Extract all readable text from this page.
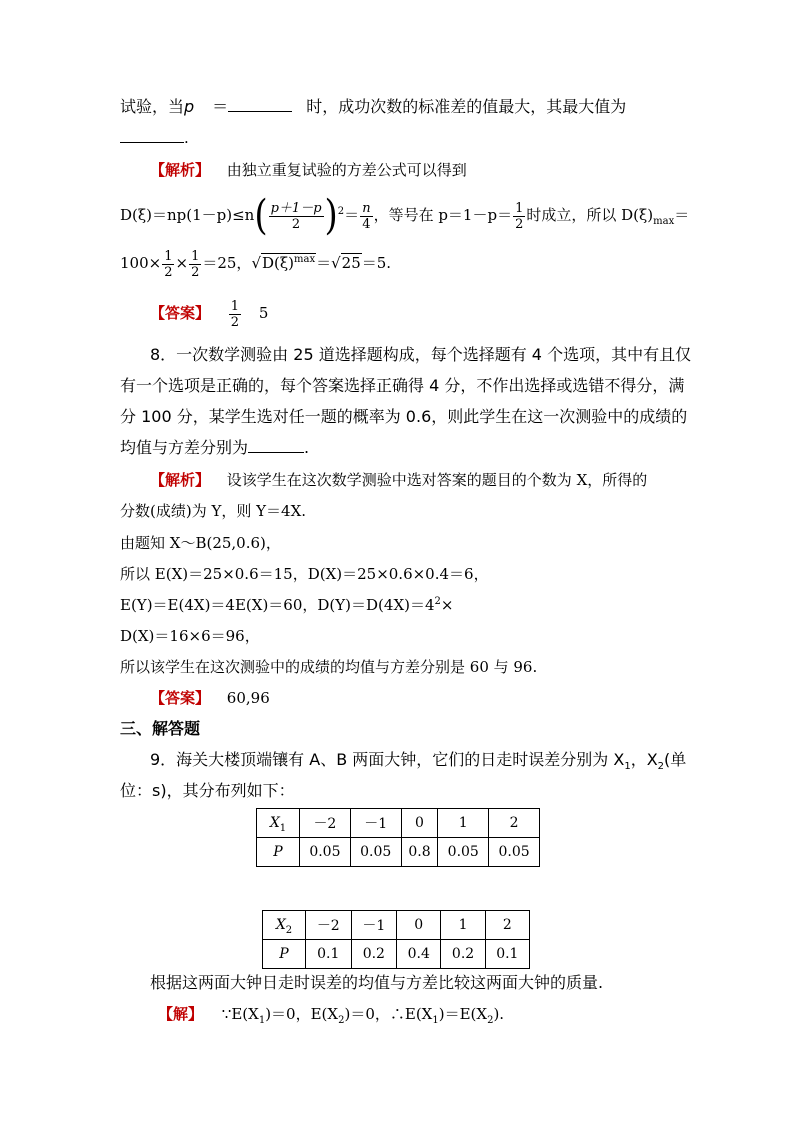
试验，当p ＝	时，成功次数的标准差的值最大，其最大值为
.
【解析】 由独立重复试验的方差公式可以得到
$D(\xi)=np(1-p)\le n( \frac{p+1-p}{2} )^2= \frac{n}{4}$ ，等号在 $p=1-p= \frac{1}{2}$ 时成立，所以 $D(\xi)_{max}=$
$100\times \frac{1}{2} \times \frac{1}{2} =25$，$√D(\xi)^{max}=√25=5$.
【答案】 $\frac{1}{2} 5$
8．一次数学测验由 25 道选择题构成，每个选择题有 4 个选项，其中有且仅
有一个选项是正确的，每个答案选择正确得 4 分，不作出选择或选错不得分，满
分 100 分，某学生选对任一题的概率为 0.6，则此学生在这一次测验中的成绩的
均值与方差分别为	.
【解析】 设该学生在这次数学测验中选对答案的题目的个数为 X，所得的
分数(成绩)为 Y，则 Y＝4X.
由题知 X～B(25,0.6)，
所以 E(X)＝25×0.6＝15，D(X)＝25×0.6×0.4＝6，
E(Y)＝E(4X)＝4E(X)＝60，$D(Y)=D(4X)=4^2\times$
D(X)＝16×6＝96，
所以该学生在这次测验中的成绩的均值与方差分别是 60 与 96.
【答案】 60,96
三、解答题
9．海关大楼顶端镶有 A、B 两面大钟，它们的日走时误差分别为 $X_1$，$X_2$(单
位：s)，其分布列如下：
$X_1$	－2	－1	0	1	2
P	0.05	0.05	0.8	0.05	0.05
$X_2$	－2	－1	0	1	2
P	0.1	0.2	0.4	0.2	0.1
根据这两面大钟日走时误差的均值与方差比较这两面大钟的质量.
【解】 $\because E(X_1)=0$，$E(X_2)=0$，$\therefore E(X_1)=E(X_2)$.
